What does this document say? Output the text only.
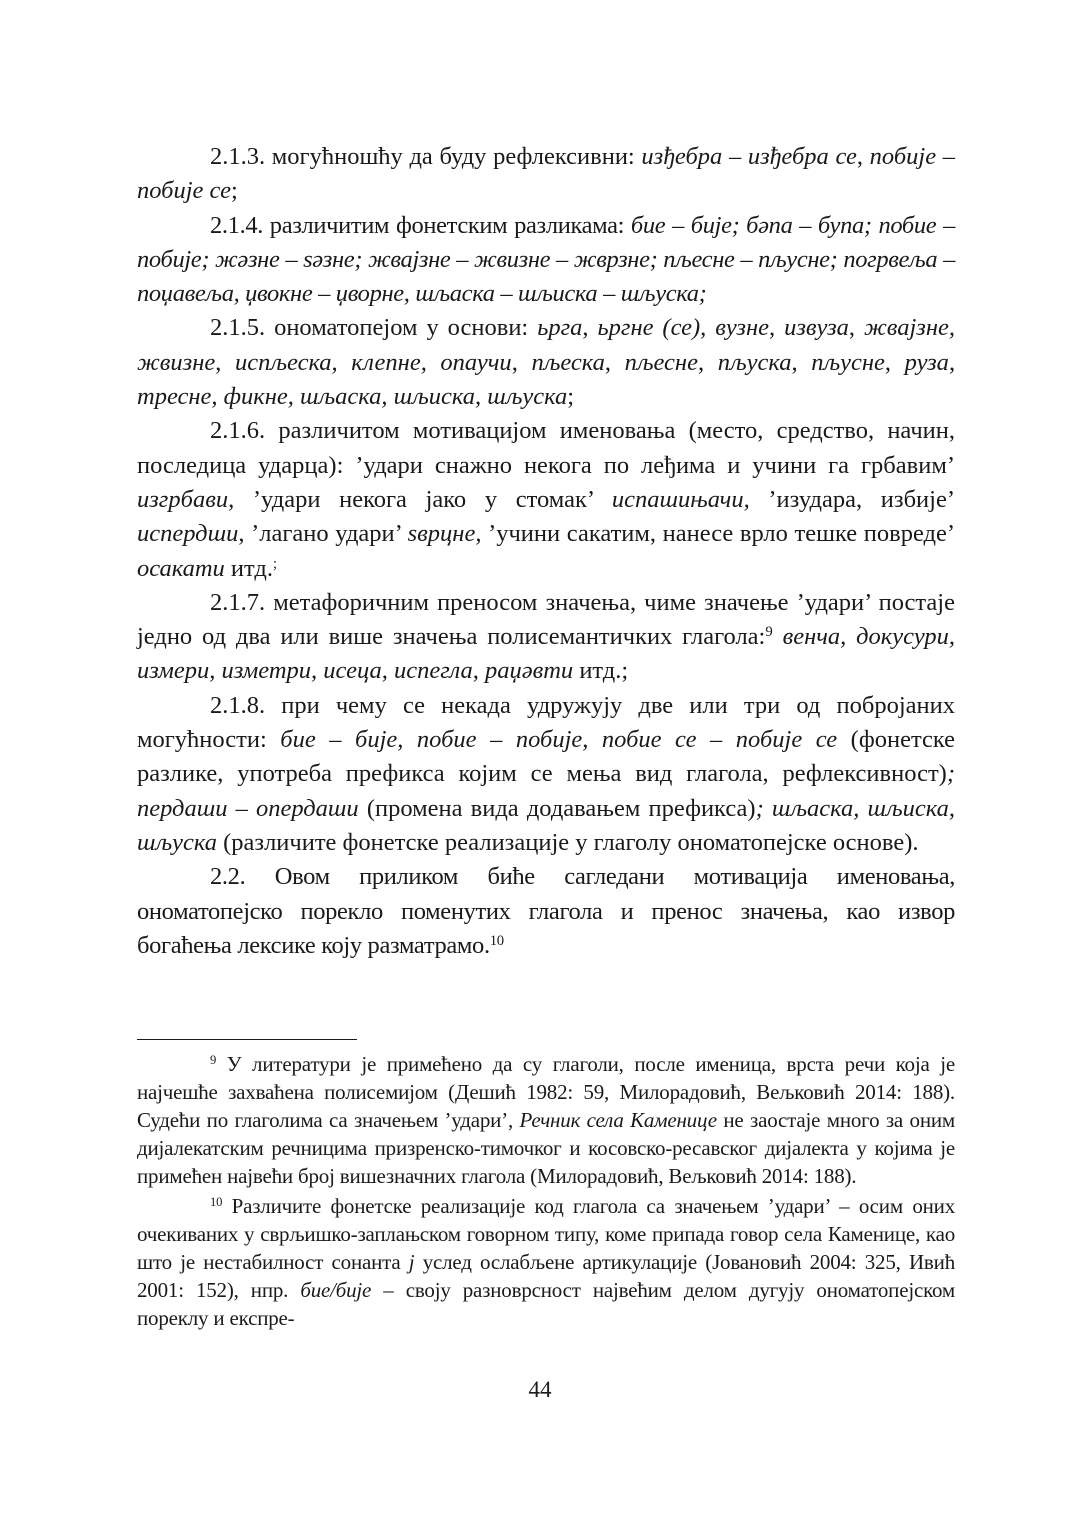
2.1.3. могућношћу да буду рефлексивни: изђебра – изђебра се, побије – побије се;

2.1.4. различитим фонетским разликама: бие – бије; бəпа – бупа; побие – побије; жəзне – ѕəзне; жвајзне – жвизне – жврзне; пљесне – пљусне; погрвеља – поџавеља, џвокне – џворне, шљаска – шљиска – шљуска;

2.1.5. ономатопејом у основи: ьрга, ьргне (се), вузне, извуза, жвајзне, жвизне, испљеска, клепне, опаучи, пљеска, пљесне, пљуска, пљусне, руза, тресне, фикне, шљаска, шљиска, шљуска;

2.1.6. различитом мотивацијом именовања (место, средство, начин, последица ударца): ’удари снажно некога по леђима и учини га грбавим’ изгрбави, ’удари некога јако у стомак’ испашињачи, ’изудара, избије’ испердши, ’лагано удари’ ѕврцне, ’учини сакатим, нанесе врло тешке повреде’ осакати итд.;

2.1.7. метафоричним преносом значења, чиме значење ’удари’ постаје једно од два или више значења полисемантичких глагола:$^9$ венча, докусури, измери, изметри, исеца, испегла, раџәвти итд.;

2.1.8. при чему се некада удружују две или три од побројаних могућности: бие – бије, побие – побије, побие се – побије се (фонетске разлике, употреба префикса којим се мења вид глагола, рефлексивност); пердаши – опердаши (промена вида додавањем префикса); шљаска, шљиска, шљуска (различите фонетске реализације у глаголу ономатопејске основе).

2.2. Овом приликом биће сагледани мотивација именовања, ономатопејско порекло поменутих глагола и пренос значења, као извор богаћења лексике коју разматрамо.$^{10}$

$^9$ У литератури је примећено да су глаголи, после именица, врста речи која је најчешће захваћена полисемијом (Дешић 1982: 59, Милорадовић, Вељковић 2014: 188). Судећи по глаголима са значењем ’удари’, Речник села Каменице не заостаје много за оним дијалекатским речницима призренско-тимочког и косовско-ресавског дијалекта у којима је примећен највећи број вишезначних глагола (Милорадовић, Вељковић 2014: 188).

$^{10}$ Различите фонетске реализације код глагола са значењем ’удари’ – осим оних очекиваних у сврљишко-заплањском говорном типу, коме припада говор села Каменице, као што је нестабилност сонанта ј услед ослабљене артикулације (Јовановић 2004: 325, Ивић 2001: 152), нпр. бие/бије – своју разноврсност највећим делом дугују ономатопејском пореклу и експре-

44
